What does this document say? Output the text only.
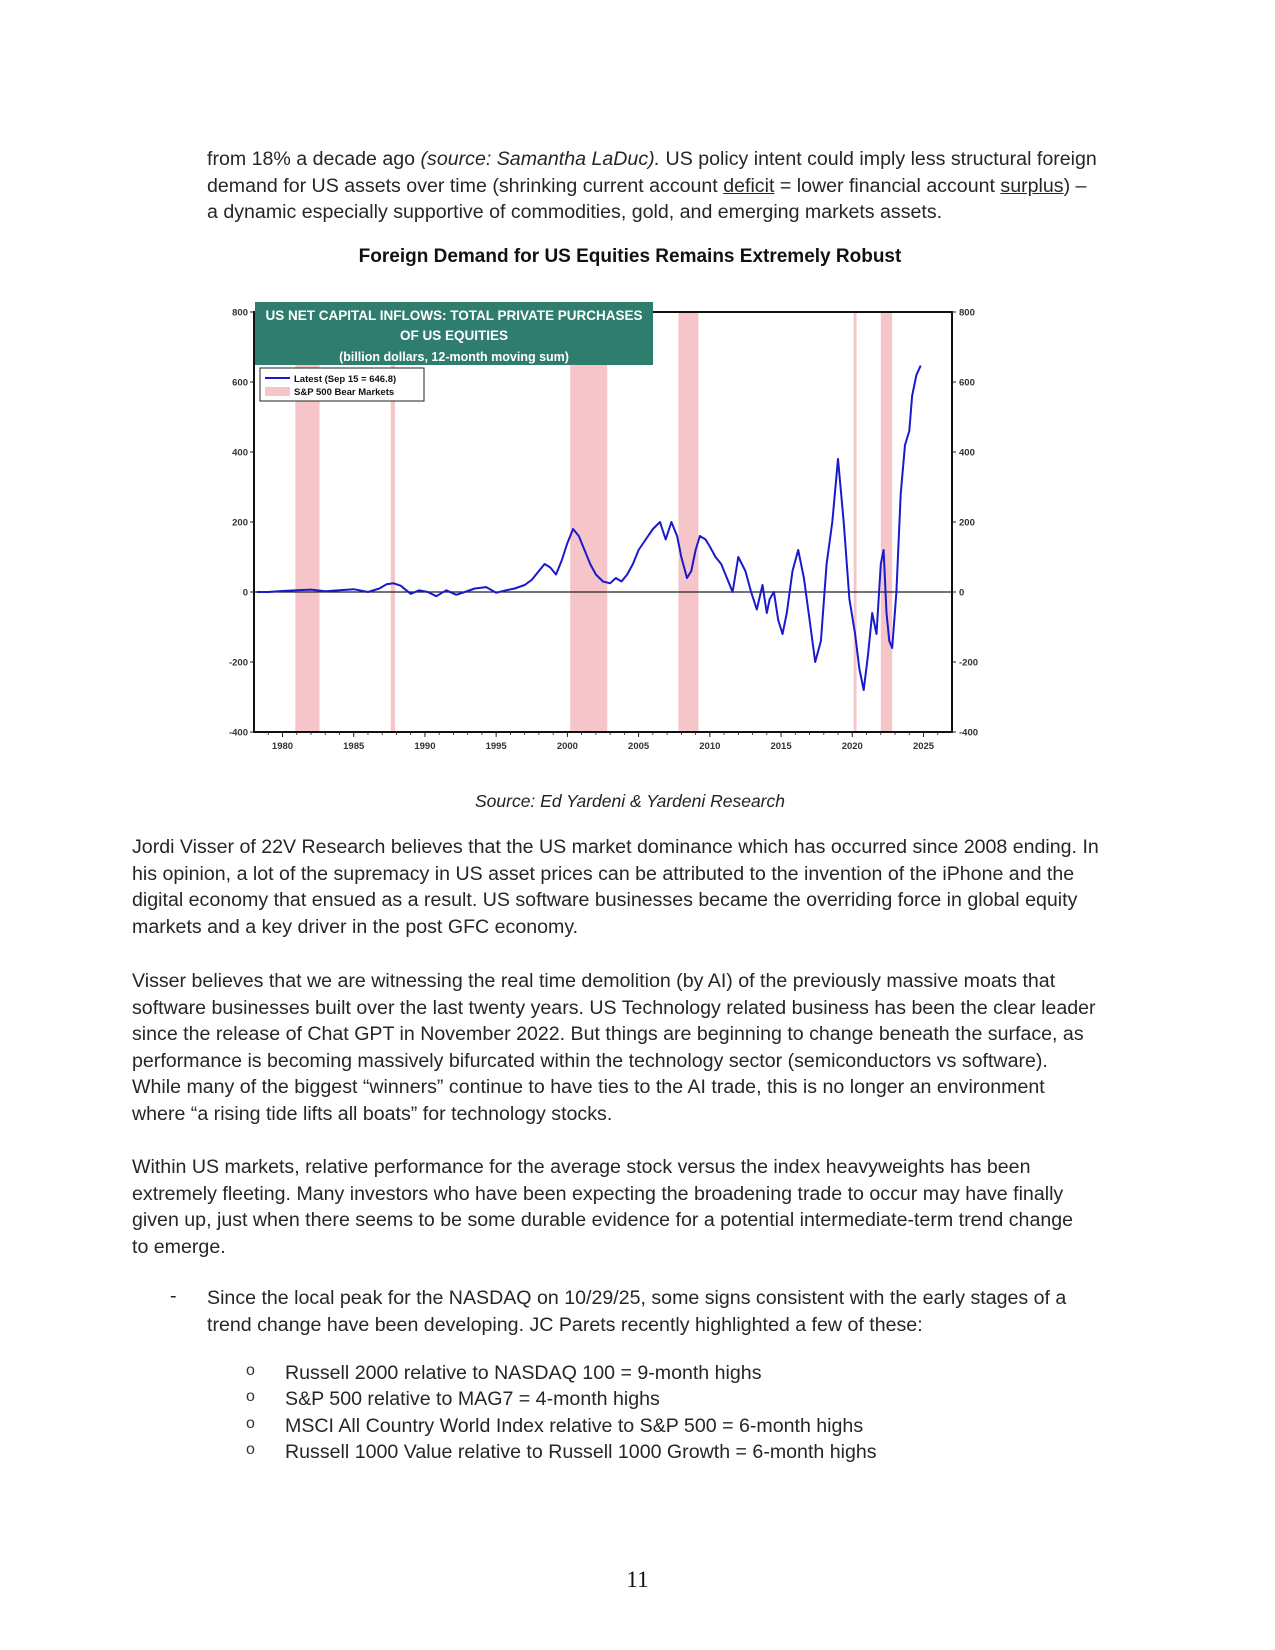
from 18% a decade ago (source: Samantha LaDuc). US policy intent could imply less structural foreign
demand for US assets over time (shrinking current account deficit = lower financial account surplus) –
a dynamic especially supportive of commodities, gold, and emerging markets assets.
Foreign Demand for US Equities Remains Extremely Robust
800
600
400
200
0
-200
-400
800
600
400
200
0
-200
-400
1980	1985	1990	1995	2000	2005	2010	2015	2020	2025
US NET CAPITAL INFLOWS: TOTAL PRIVATE PURCHASES
OF US EQUITIES
(billion dollars, 12-month moving sum)
Latest (Sep 15 = 646.8)
S&P 500 Bear Markets
Source: Ed Yardeni & Yardeni Research
Jordi Visser of 22V Research believes that the US market dominance which has occurred since 2008 ending. In
his opinion, a lot of the supremacy in US asset prices can be attributed to the invention of the iPhone and the
digital economy that ensued as a result. US software businesses became the overriding force in global equity
markets and a key driver in the post GFC economy.
Visser believes that we are witnessing the real time demolition (by AI) of the previously massive moats that
software businesses built over the last twenty years. US Technology related business has been the clear leader
since the release of Chat GPT in November 2022. But things are beginning to change beneath the surface, as
performance is becoming massively bifurcated within the technology sector (semiconductors vs software).
While many of the biggest “winners” continue to have ties to the AI trade, this is no longer an environment
where “a rising tide lifts all boats” for technology stocks.
Within US markets, relative performance for the average stock versus the index heavyweights has been
extremely fleeting. Many investors who have been expecting the broadening trade to occur may have finally
given up, just when there seems to be some durable evidence for a potential intermediate-term trend change
to emerge.
- Since the local peak for the NASDAQ on 10/29/25, some signs consistent with the early stages of a
trend change have been developing. JC Parets recently highlighted a few of these:
o Russell 2000 relative to NASDAQ 100 = 9-month highs
o S&P 500 relative to MAG7 = 4-month highs
o MSCI All Country World Index relative to S&P 500 = 6-month highs
o Russell 1000 Value relative to Russell 1000 Growth = 6-month highs
11
